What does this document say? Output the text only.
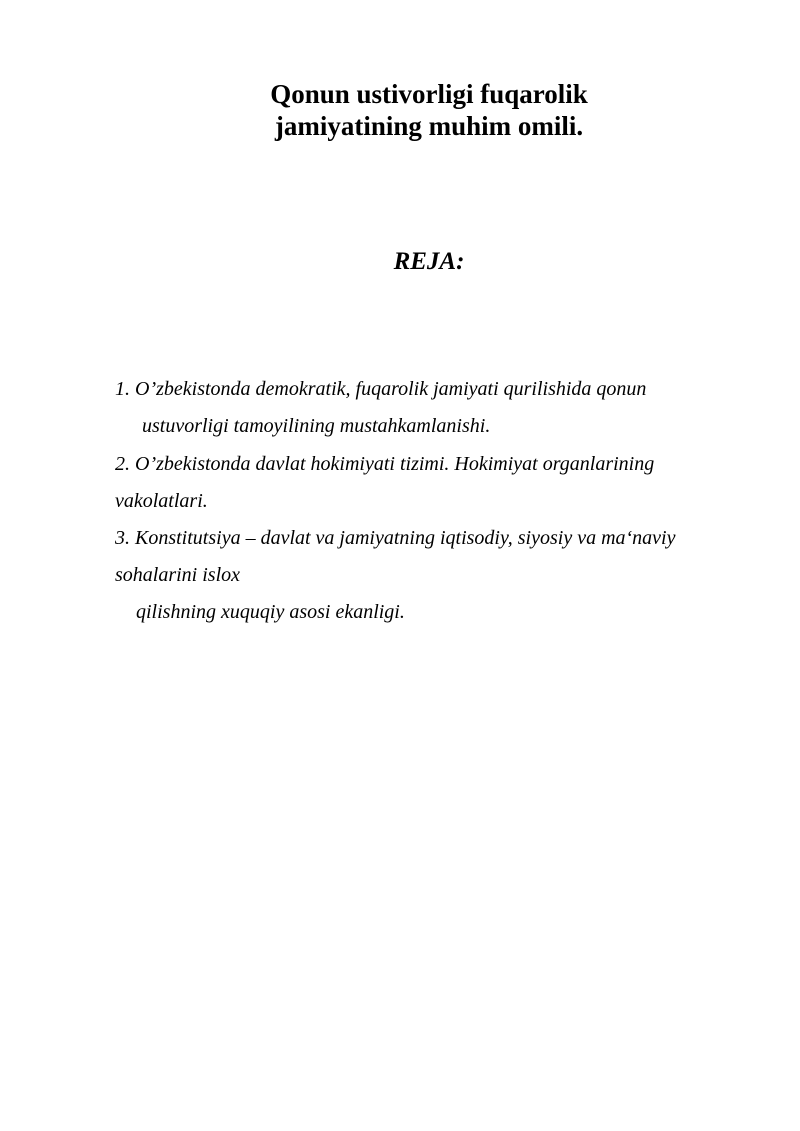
Qonun ustivorligi fuqarolik
jamiyatining muhim omili.
REJA:
1. O’zbekistonda demokratik, fuqarolik jamiyati qurilishida qonun
ustuvorligi tamoyilining mustahkamlanishi.
2. O’zbekistonda davlat hokimiyati tizimi. Hokimiyat organlarining
vakolatlari.
3. Konstitutsiya – davlat va jamiyatning iqtisodiy, siyosiy va ma‘naviy
sohalarini islox
qilishning xuquqiy asosi ekanligi.
